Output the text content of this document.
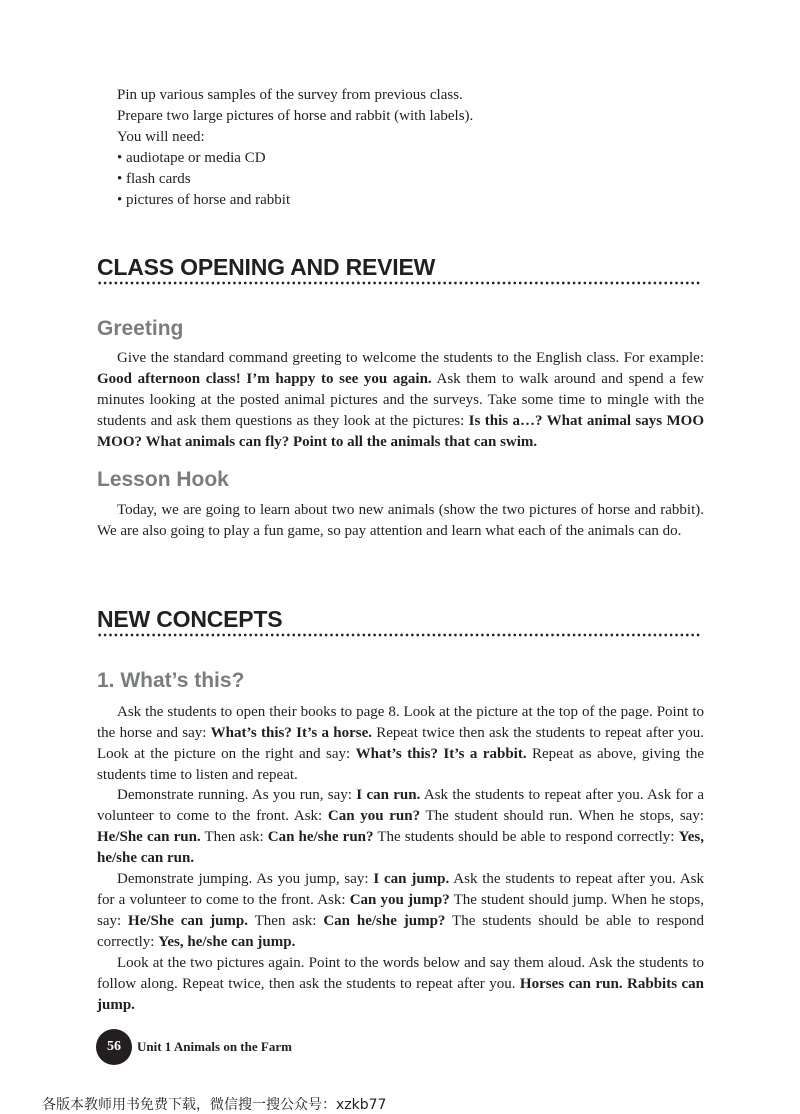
Pin up various samples of the survey from previous class.

Prepare two large pictures of horse and rabbit (with labels).

You will need:

• audiotape or media CD

• flash cards

• pictures of horse and rabbit

CLASS OPENING AND REVIEW
Greeting

Give the standard command greeting to welcome the students to the English class. For example: Good afternoon class! I’m happy to see you again. Ask them to walk around and spend a few minutes looking at the posted animal pictures and the surveys. Take some time to mingle with the students and ask them questions as they look at the pictures: Is this a…? What animal says MOO MOO? What animals can fly? Point to all the animals that can swim.

Lesson Hook

Today, we are going to learn about two new animals (show the two pictures of horse and rabbit). We are also going to play a fun game, so pay attention and learn what each of the animals can do.

NEW CONCEPTS
1. What’s this?

Ask the students to open their books to page 8. Look at the picture at the top of the page. Point to the horse and say: What’s this? It’s a horse. Repeat twice then ask the students to repeat after you. Look at the picture on the right and say: What’s this? It’s a rabbit. Repeat as above, giving the students time to listen and repeat.

Demonstrate running. As you run, say: I can run. Ask the students to repeat after you. Ask for a volunteer to come to the front. Ask: Can you run? The student should run. When he stops, say: He/She can run. Then ask: Can he/she run? The students should be able to respond correctly: Yes, he/she can run.

Demonstrate jumping. As you jump, say: I can jump. Ask the students to repeat after you. Ask for a volunteer to come to the front. Ask: Can you jump? The student should jump. When he stops, say: He/She can jump. Then ask: Can he/she jump? The students should be able to respond correctly: Yes, he/she can jump.

Look at the two pictures again. Point to the words below and say them aloud. Ask the students to follow along. Repeat twice, then ask the students to repeat after you. Horses can run. Rabbits can jump.

56	Unit 1 Animals on the Farm
各版本教师用书免费下载，微信搜一搜公众号：xzkb77
